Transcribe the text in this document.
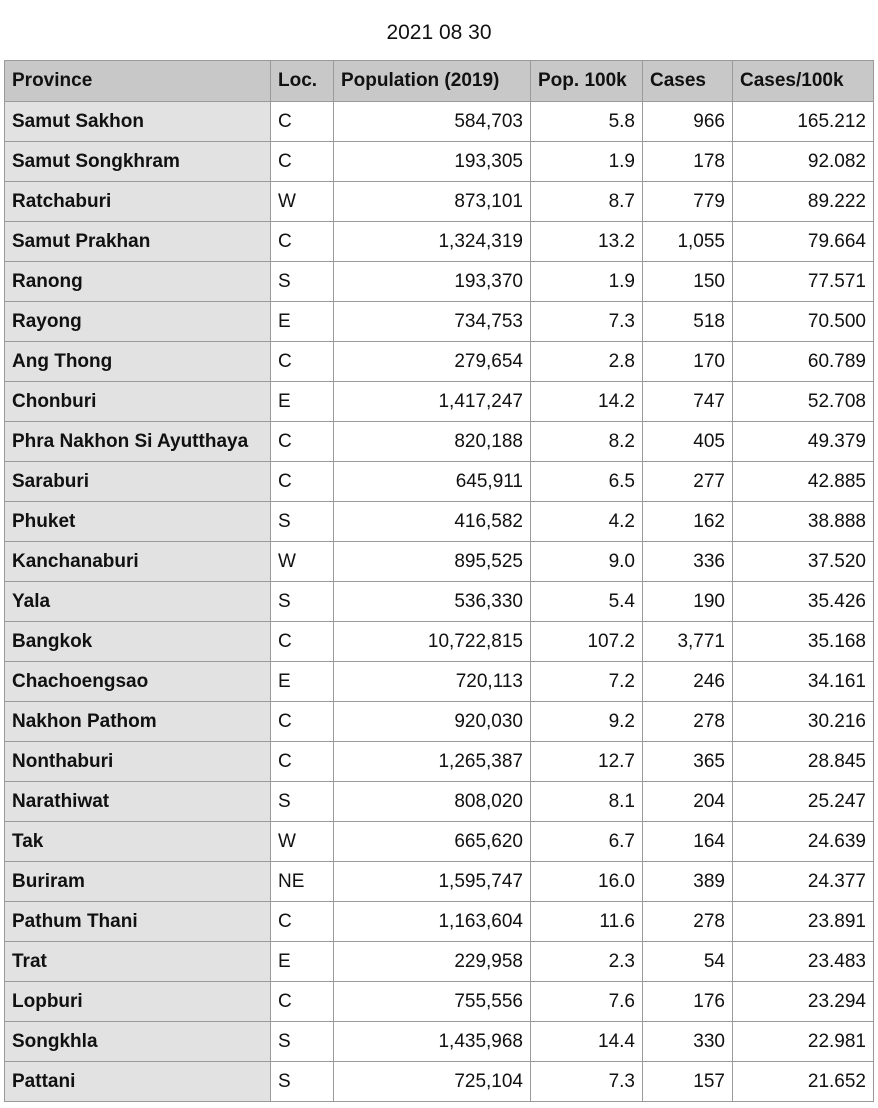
2021 08 30
Province	Loc.	Population (2019)	Pop. 100k	Cases	Cases/100k
Samut Sakhon	C	584,703	5.8	966	165.212
Samut Songkhram	C	193,305	1.9	178	92.082
Ratchaburi	W	873,101	8.7	779	89.222
Samut Prakhan	C	1,324,319	13.2	1,055	79.664
Ranong	S	193,370	1.9	150	77.571
Rayong	E	734,753	7.3	518	70.500
Ang Thong	C	279,654	2.8	170	60.789
Chonburi	E	1,417,247	14.2	747	52.708
Phra Nakhon Si Ayutthaya	C	820,188	8.2	405	49.379
Saraburi	C	645,911	6.5	277	42.885
Phuket	S	416,582	4.2	162	38.888
Kanchanaburi	W	895,525	9.0	336	37.520
Yala	S	536,330	5.4	190	35.426
Bangkok	C	10,722,815	107.2	3,771	35.168
Chachoengsao	E	720,113	7.2	246	34.161
Nakhon Pathom	C	920,030	9.2	278	30.216
Nonthaburi	C	1,265,387	12.7	365	28.845
Narathiwat	S	808,020	8.1	204	25.247
Tak	W	665,620	6.7	164	24.639
Buriram	NE	1,595,747	16.0	389	24.377
Pathum Thani	C	1,163,604	11.6	278	23.891
Trat	E	229,958	2.3	54	23.483
Lopburi	C	755,556	7.6	176	23.294
Songkhla	S	1,435,968	14.4	330	22.981
Pattani	S	725,104	7.3	157	21.652
